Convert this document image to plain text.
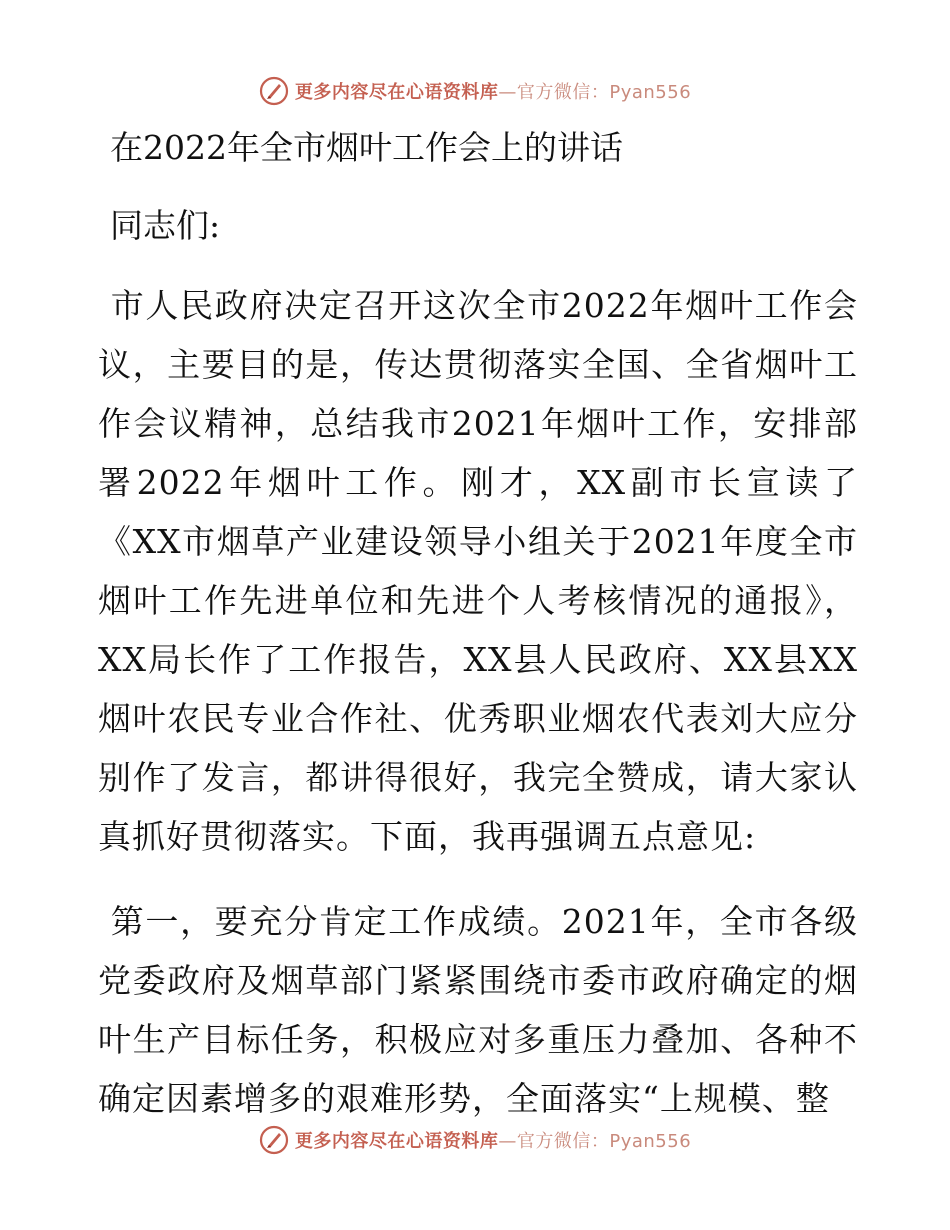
更多内容尽在心语资料库—官方微信：Pyan556
在2022年全市烟叶工作会上的讲话

同志们:

市人民政府决定召开这次全市2022年烟叶工作会议，主要目的是，传达贯彻落实全国、全省烟叶工作会议精神，总结我市2021年烟叶工作，安排部署2022年烟叶工作。刚才，XX副市长宣读了《XX市烟草产业建设领导小组关于2021年度全市烟叶工作先进单位和先进个人考核情况的通报》，XX局长作了工作报告，XX县人民政府、XX县XX烟叶农民专业合作社、优秀职业烟农代表刘大应分别作了发言，都讲得很好，我完全赞成，请大家认真抓好贯彻落实。下面，我再强调五点意见:

第一，要充分肯定工作成绩。2021年，全市各级党委政府及烟草部门紧紧围绕市委市政府确定的烟叶生产目标任务，积极应对多重压力叠加、各种不确定因素增多的艰难形势，全面落实“上规模、整

更多内容尽在心语资料库—官方微信：Pyan556
